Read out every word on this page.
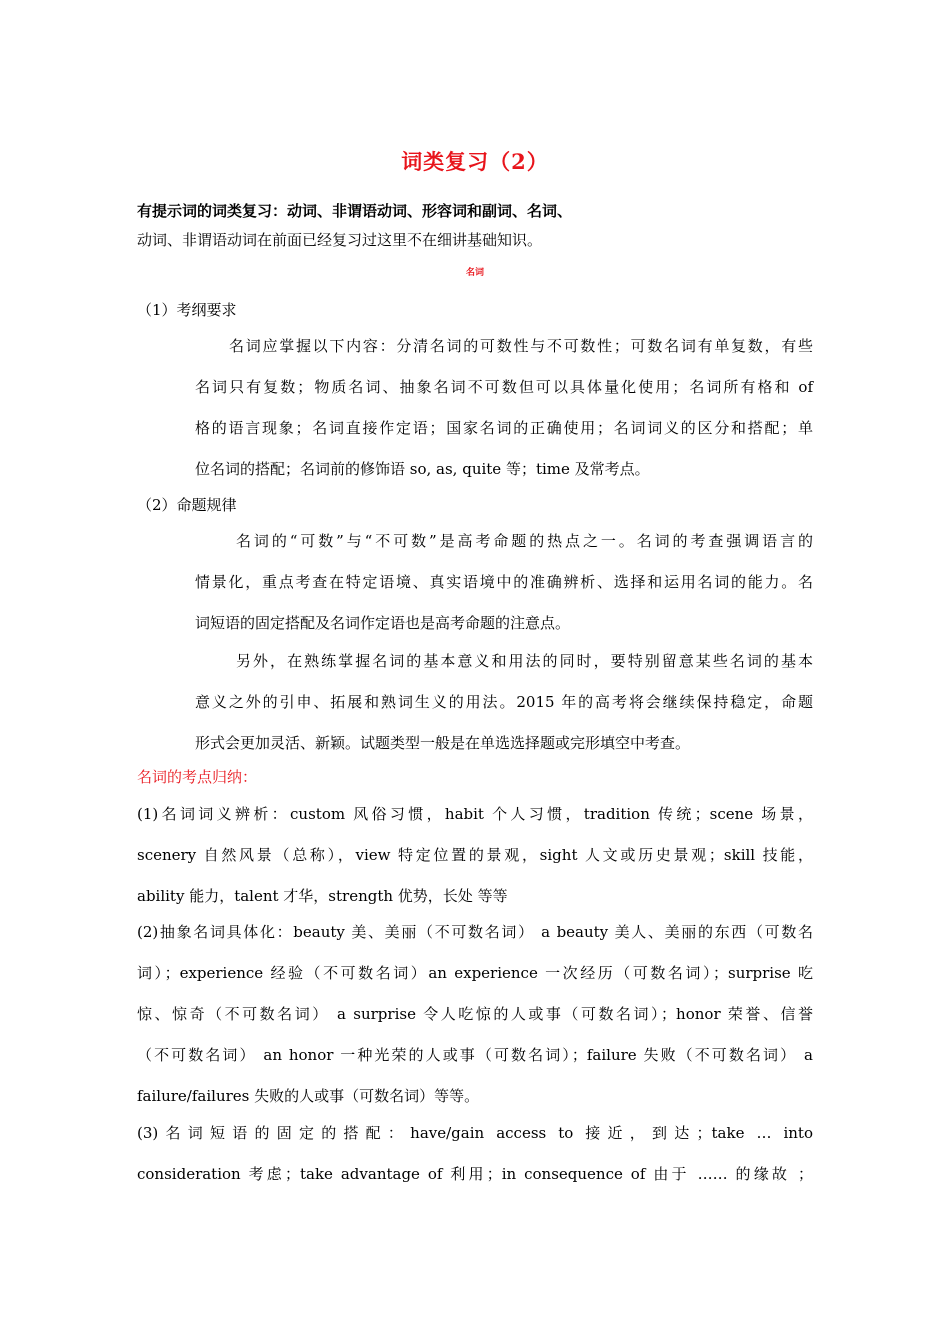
词类复习（2）
有提示词的词类复习：动词、非谓语动词、形容词和副词、名词、
动词、非谓语动词在前面已经复习过这里不在细讲基础知识。
名词
（1）考纲要求
名词应掌握以下内容：分清名词的可数性与不可数性；可数名词有单复数，有些
名词只有复数；物质名词、抽象名词不可数但可以具体量化使用；名词所有格和 of
格的语言现象；名词直接作定语；国家名词的正确使用；名词词义的区分和搭配；单
位名词的搭配；名词前的修饰语 so, as, quite 等；time 及常考点。
（2）命题规律
名词的“可数”与“不可数”是高考命题的热点之一。名词的考查强调语言的
情景化，重点考查在特定语境、真实语境中的准确辨析、选择和运用名词的能力。名
词短语的固定搭配及名词作定语也是高考命题的注意点。
另外，在熟练掌握名词的基本意义和用法的同时，要特别留意某些名词的基本
意义之外的引申、拓展和熟词生义的用法。2015 年的高考将会继续保持稳定，命题
形式会更加灵活、新颖。试题类型一般是在单选选择题或完形填空中考查。
名词的考点归纳：
(1)名词词义辨析：custom 风俗习惯，habit 个人习惯，tradition 传统；scene 场景，
scenery 自然风景（总称），view 特定位置的景观，sight 人文或历史景观；skill 技能，
ability 能力，talent 才华，strength 优势，长处 等等
(2)抽象名词具体化：beauty 美、美丽（不可数名词） a beauty 美人、美丽的东西（可数名
词）；experience 经验（不可数名词）an experience 一次经历（可数名词）；surprise 吃
惊、惊奇（不可数名词） a surprise 令人吃惊的人或事（可数名词）；honor 荣誉、信誉
（不可数名词） an honor 一种光荣的人或事（可数名词）；failure 失败（不可数名词） a
failure/failures 失败的人或事（可数名词）等等。
(3)名词短语的固定的搭配：have/gain access to 接近，到达；take … into
consideration 考虑；take advantage of 利用；in consequence of 由于 …… 的缘故 ；
